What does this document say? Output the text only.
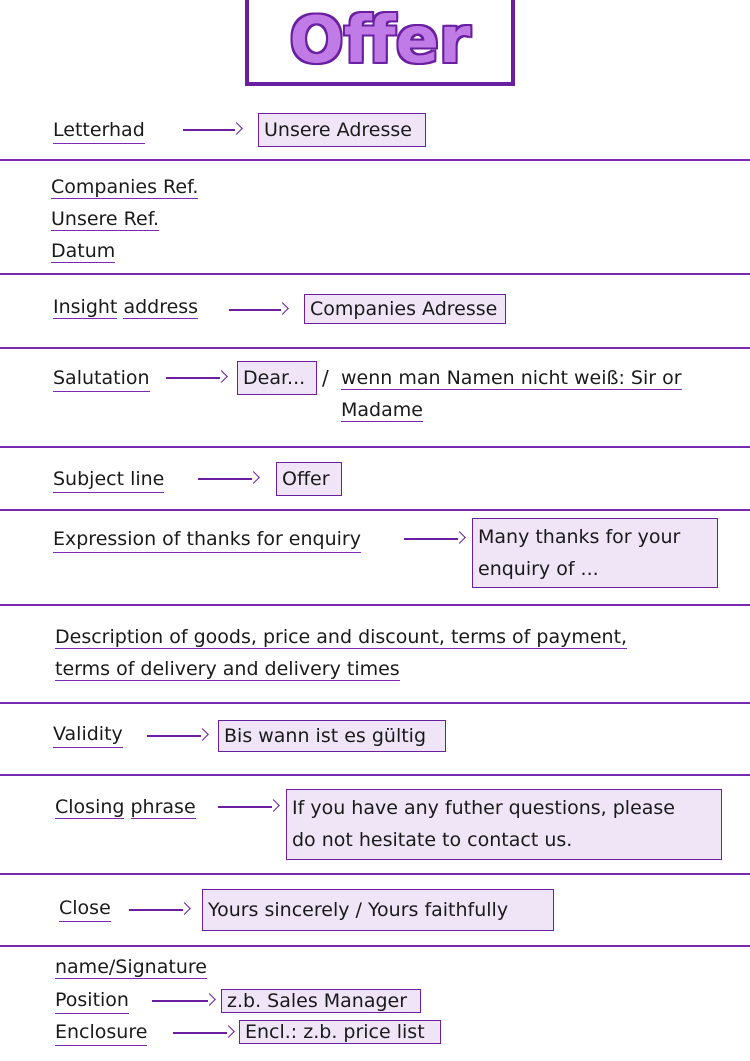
Offer
Letterhad	Unsere Adresse
Companies Ref.
Unsere Ref.
Datum
Insight address	Companies Adresse
Salutation	Dear... / wenn man Namen nicht weiß: Sir or
Madame
Subject line	Offer
Expression of thanks for enquiry	Many thanks for your
enquiry of ...
Description of goods, price and discount, terms of payment,
terms of delivery and delivery times
Validity	Bis wann ist es gültig
Closing phrase	If you have any futher questions, please
do not hesitate to contact us.
Close	Yours sincerely / Yours faithfully
name/Signature
Position	z.b. Sales Manager
Enclosure	Encl.: z.b. price list
